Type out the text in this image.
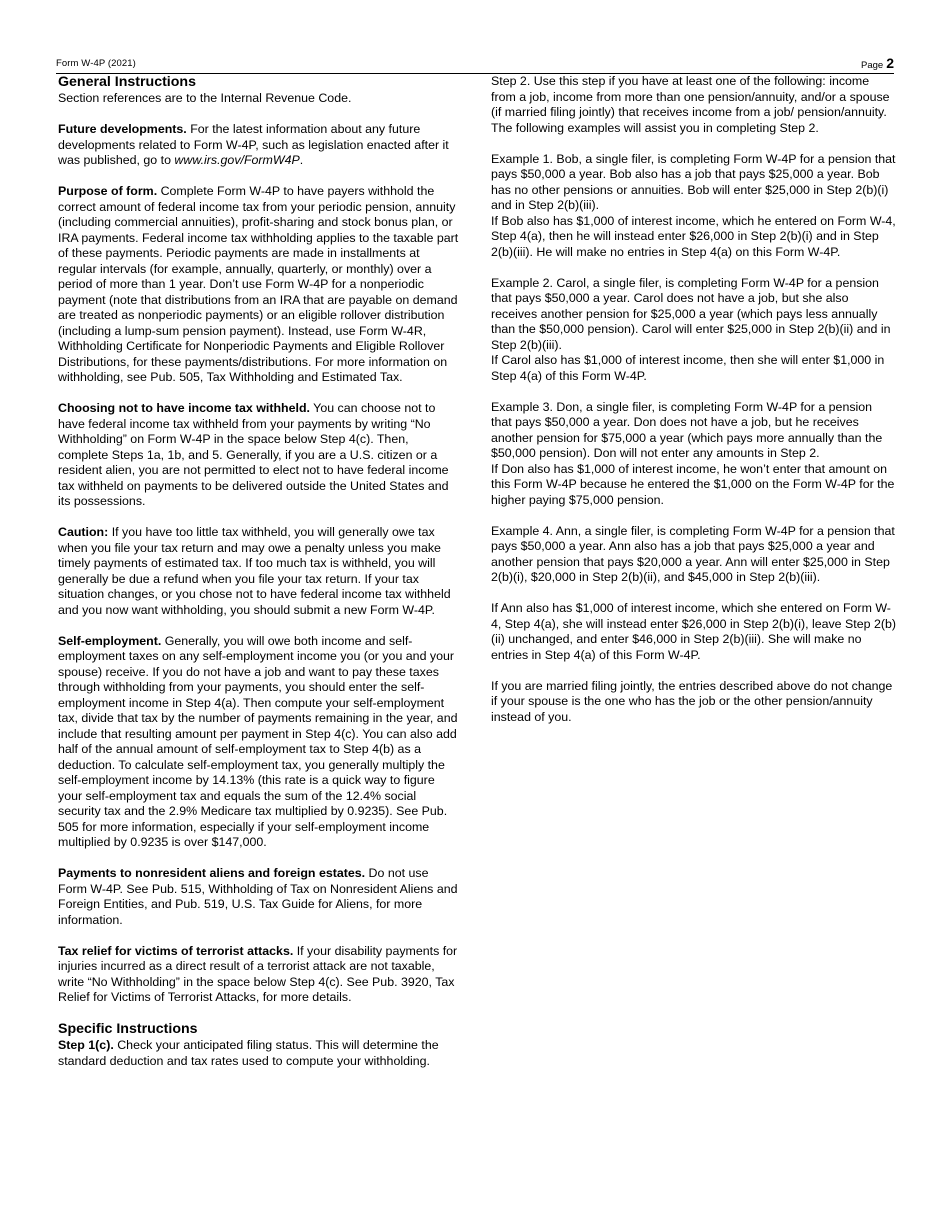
Form W-4P (2021)	Page 2
General Instructions

Section references are to the Internal Revenue Code.

Future developments. For the latest information about any future developments related to Form W-4P, such as legislation enacted after it was published, go to www.irs.gov/FormW4P.

Purpose of form. Complete Form W-4P to have payers withhold the correct amount of federal income tax from your periodic pension, annuity (including commercial annuities), profit-sharing and stock bonus plan, or IRA payments. Federal income tax withholding applies to the taxable part of these payments. Periodic payments are made in installments at regular intervals (for example, annually, quarterly, or monthly) over a period of more than 1 year. Don’t use Form W-4P for a nonperiodic payment (note that distributions from an IRA that are payable on demand are treated as nonperiodic payments) or an eligible rollover distribution (including a lump-sum pension payment). Instead, use Form W-4R, Withholding Certificate for Nonperiodic Payments and Eligible Rollover Distributions, for these payments/distributions. For more information on withholding, see Pub. 505, Tax Withholding and Estimated Tax.

Choosing not to have income tax withheld. You can choose not to have federal income tax withheld from your payments by writing “No Withholding” on Form W-4P in the space below Step 4(c). Then, complete Steps 1a, 1b, and 5. Generally, if you are a U.S. citizen or a resident alien, you are not permitted to elect not to have federal income tax withheld on payments to be delivered outside the United States and its possessions.

Caution: If you have too little tax withheld, you will generally owe tax when you file your tax return and may owe a penalty unless you make timely payments of estimated tax. If too much tax is withheld, you will generally be due a refund when you file your tax return. If your tax situation changes, or you chose not to have federal income tax withheld and you now want withholding, you should submit a new Form W-4P.

Self-employment. Generally, you will owe both income and self-employment taxes on any self-employment income you (or you and your spouse) receive. If you do not have a job and want to pay these taxes through withholding from your payments, you should enter the self-employment income in Step 4(a). Then compute your self-employment tax, divide that tax by the number of payments remaining in the year, and include that resulting amount per payment in Step 4(c). You can also add half of the annual amount of self-employment tax to Step 4(b) as a deduction. To calculate self-employment tax, you generally multiply the self-employment income by 14.13% (this rate is a quick way to figure your self-employment tax and equals the sum of the 12.4% social security tax and the 2.9% Medicare tax multiplied by 0.9235). See Pub. 505 for more information, especially if your self-employment income multiplied by 0.9235 is over $147,000.

Payments to nonresident aliens and foreign estates. Do not use Form W-4P. See Pub. 515, Withholding of Tax on Nonresident Aliens and Foreign Entities, and Pub. 519, U.S. Tax Guide for Aliens, for more information.

Tax relief for victims of terrorist attacks. If your disability payments for injuries incurred as a direct result of a terrorist attack are not taxable, write “No Withholding” in the space below Step 4(c). See Pub. 3920, Tax Relief for Victims of Terrorist Attacks, for more details.

Specific Instructions

Step 1(c). Check your anticipated filing status. This will determine the standard deduction and tax rates used to compute your withholding.

Step 2. Use this step if you have at least one of the following: income from a job, income from more than one pension/annuity, and/or a spouse (if married filing jointly) that receives income from a job/ pension/annuity. The following examples will assist you in completing Step 2.

Example 1. Bob, a single filer, is completing Form W-4P for a pension that pays $50,000 a year. Bob also has a job that pays $25,000 a year. Bob has no other pensions or annuities. Bob will enter $25,000 in Step 2(b)(i) and in Step 2(b)(iii).

If Bob also has $1,000 of interest income, which he entered on Form W-4, Step 4(a), then he will instead enter $26,000 in Step 2(b)(i) and in Step 2(b)(iii). He will make no entries in Step 4(a) on this Form W-4P.

Example 2. Carol, a single filer, is completing Form W-4P for a pension that pays $50,000 a year. Carol does not have a job, but she also receives another pension for $25,000 a year (which pays less annually than the $50,000 pension). Carol will enter $25,000 in Step 2(b)(ii) and in Step 2(b)(iii).

If Carol also has $1,000 of interest income, then she will enter $1,000 in Step 4(a) of this Form W-4P.

Example 3. Don, a single filer, is completing Form W-4P for a pension that pays $50,000 a year. Don does not have a job, but he receives another pension for $75,000 a year (which pays more annually than the $50,000 pension). Don will not enter any amounts in Step 2.

If Don also has $1,000 of interest income, he won’t enter that amount on this Form W-4P because he entered the $1,000 on the Form W-4P for the higher paying $75,000 pension.

Example 4. Ann, a single filer, is completing Form W-4P for a pension that pays $50,000 a year. Ann also has a job that pays $25,000 a year and another pension that pays $20,000 a year. Ann will enter $25,000 in Step 2(b)(i), $20,000 in Step 2(b)(ii), and $45,000 in Step 2(b)(iii).

If Ann also has $1,000 of interest income, which she entered on Form W-4, Step 4(a), she will instead enter $26,000 in Step 2(b)(i), leave Step 2(b)(ii) unchanged, and enter $46,000 in Step 2(b)(iii). She will make no entries in Step 4(a) of this Form W-4P.

If you are married filing jointly, the entries described above do not change if your spouse is the one who has the job or the other pension/annuity instead of you.
